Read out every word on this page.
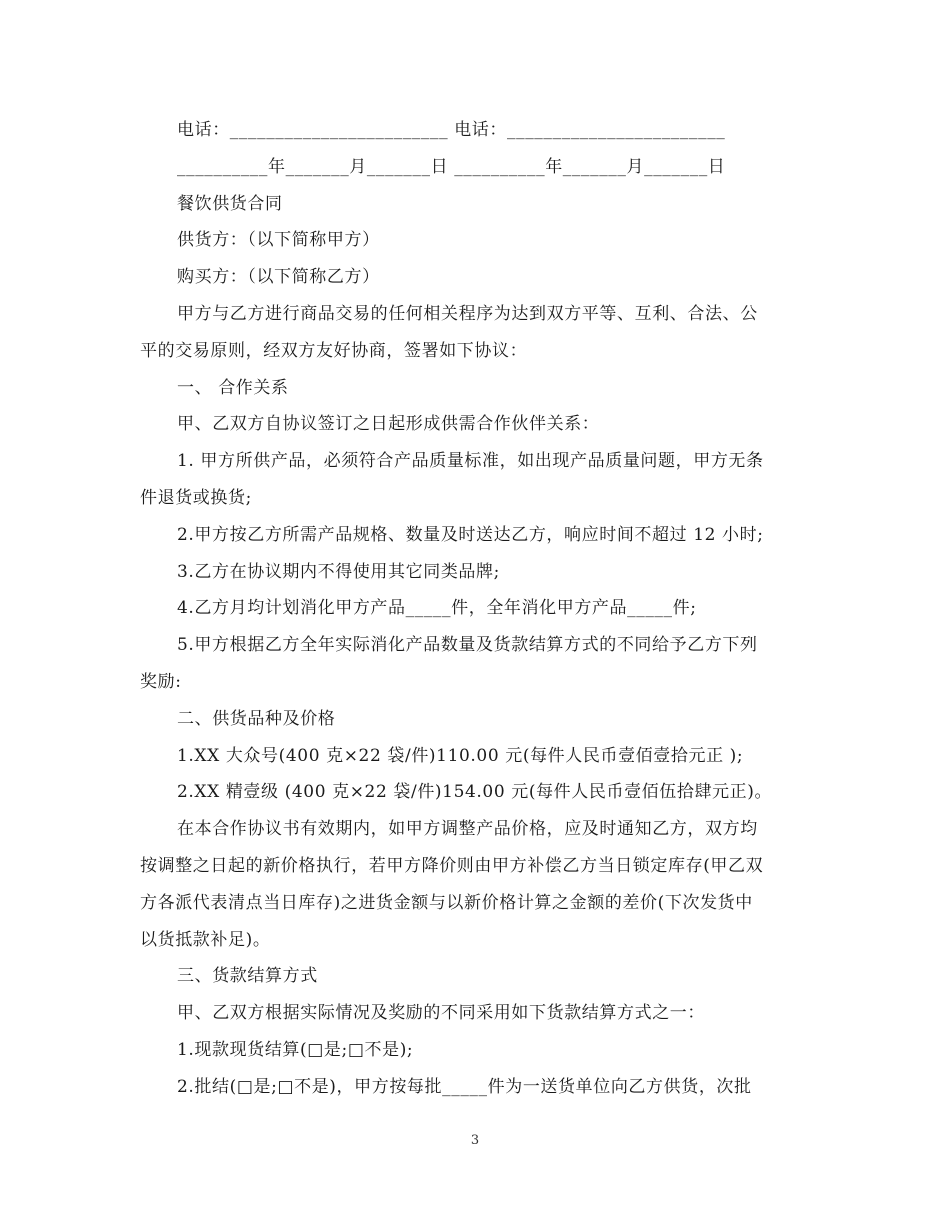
电话：________________________ 电话：________________________
__________年_______月_______日 __________年_______月_______日
餐饮供货合同
供货方：（以下简称甲方）
购买方：（以下简称乙方）
甲方与乙方进行商品交易的任何相关程序为达到双方平等、互利、合法、公
平的交易原则，经双方友好协商，签署如下协议：
一、 合作关系
甲、乙双方自协议签订之日起形成供需合作伙伴关系：
1. 甲方所供产品，必须符合产品质量标准，如出现产品质量问题，甲方无条
件退货或换货;
2.甲方按乙方所需产品规格、数量及时送达乙方，响应时间不超过 12 小时;
3.乙方在协议期内不得使用其它同类品牌;
4.乙方月均计划消化甲方产品_____件，全年消化甲方产品_____件;
5.甲方根据乙方全年实际消化产品数量及货款结算方式的不同给予乙方下列
奖励:
二、供货品种及价格
1.XX 大众号(400 克×22 袋/件)110.00 元(每件人民币壹佰壹拾元正 );
2.XX 精壹级 (400 克×22 袋/件)154.00 元(每件人民币壹佰伍拾肆元正)。
在本合作协议书有效期内，如甲方调整产品价格，应及时通知乙方，双方均
按调整之日起的新价格执行，若甲方降价则由甲方补偿乙方当日锁定库存(甲乙双
方各派代表清点当日库存)之进货金额与以新价格计算之金额的差价(下次发货中
以货抵款补足)。
三、货款结算方式
甲、乙双方根据实际情况及奖励的不同采用如下货款结算方式之一：
1.现款现货结算(□是;□不是);
2.批结(□是;□不是)，甲方按每批_____件为一送货单位向乙方供货，次批
3
